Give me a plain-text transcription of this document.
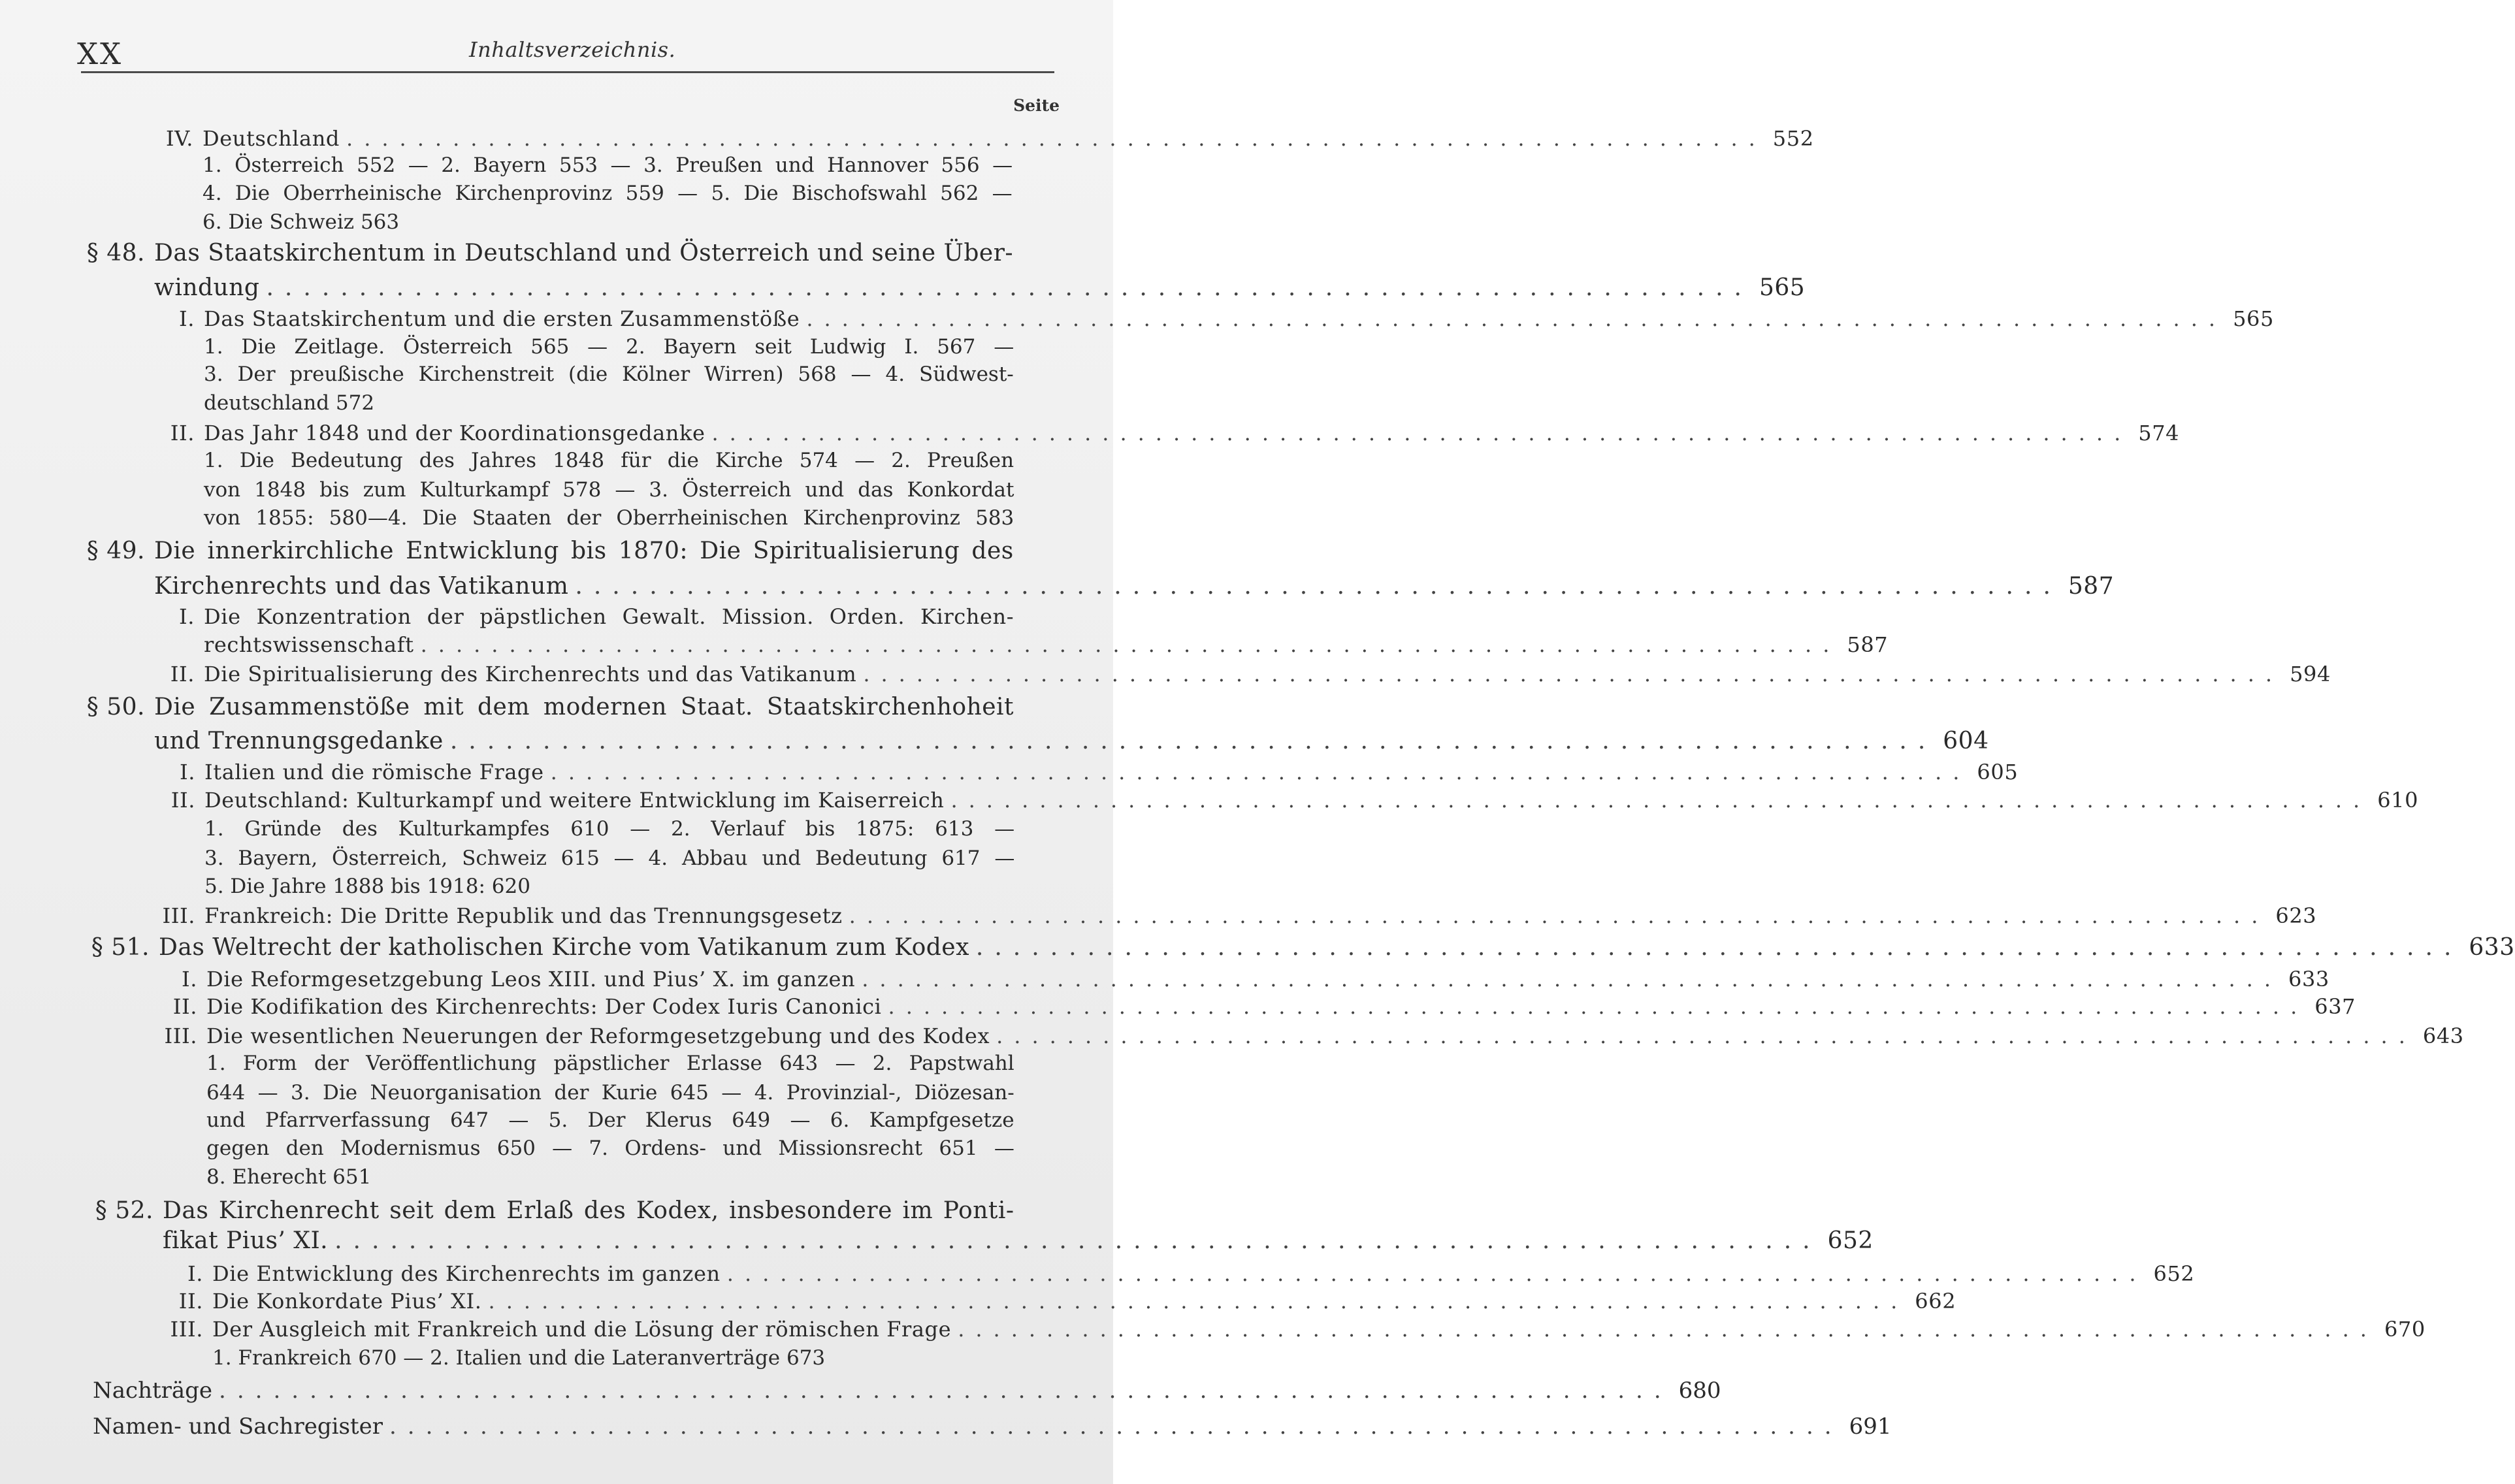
XX	Inhaltsverzeichnis.
Seite
IV. Deutschland ................................................................................ 552
1. Österreich 552 — 2. Bayern 553 — 3. Preußen und Hannover 556 —
4. Die Oberrheinische Kirchenprovinz 559 — 5. Die Bischofswahl 562 —
6. Die Schweiz 563
§ 48. Das Staatskirchentum in Deutschland und Österreich und seine Über-
windung ................................................................................ 565
I. Das Staatskirchentum und die ersten Zusammenstöße ................................................................................ 565
1. Die Zeitlage. Österreich 565 — 2. Bayern seit Ludwig I. 567 —
3. Der preußische Kirchenstreit (die Kölner Wirren) 568 — 4. Südwest-
deutschland 572
II. Das Jahr 1848 und der Koordinationsgedanke ................................................................................ 574
1. Die Bedeutung des Jahres 1848 für die Kirche 574 — 2. Preußen
von 1848 bis zum Kulturkampf 578 — 3. Österreich und das Konkordat
von 1855: 580—4. Die Staaten der Oberrheinischen Kirchenprovinz 583
§ 49. Die innerkirchliche Entwicklung bis 1870: Die Spiritualisierung des
Kirchenrechts und das Vatikanum ................................................................................ 587
I. Die Konzentration der päpstlichen Gewalt. Mission. Orden. Kirchen-
rechtswissenschaft ................................................................................ 587
II. Die Spiritualisierung des Kirchenrechts und das Vatikanum ................................................................................ 594
§ 50. Die Zusammenstöße mit dem modernen Staat. Staatskirchenhoheit
und Trennungsgedanke ................................................................................ 604
I. Italien und die römische Frage ................................................................................ 605
II. Deutschland: Kulturkampf und weitere Entwicklung im Kaiserreich ................................................................................ 610
1. Gründe des Kulturkampfes 610 — 2. Verlauf bis 1875: 613 —
3. Bayern, Österreich, Schweiz 615 — 4. Abbau und Bedeutung 617 —
5. Die Jahre 1888 bis 1918: 620
III. Frankreich: Die Dritte Republik und das Trennungsgesetz ................................................................................ 623
§ 51. Das Weltrecht der katholischen Kirche vom Vatikanum zum Kodex ................................................................................ 633
I. Die Reformgesetzgebung Leos XIII. und Pius’ X. im ganzen ................................................................................ 633
II. Die Kodifikation des Kirchenrechts: Der Codex Iuris Canonici ................................................................................ 637
III. Die wesentlichen Neuerungen der Reformgesetzgebung und des Kodex ................................................................................ 643
1. Form der Veröffentlichung päpstlicher Erlasse 643 — 2. Papstwahl
644 — 3. Die Neuorganisation der Kurie 645 — 4. Provinzial-, Diözesan-
und Pfarrverfassung 647 — 5. Der Klerus 649 — 6. Kampfgesetze
gegen den Modernismus 650 — 7. Ordens- und Missionsrecht 651 —
8. Eherecht 651
§ 52. Das Kirchenrecht seit dem Erlaß des Kodex, insbesondere im Ponti-
fikat Pius’ XI. ................................................................................ 652
I. Die Entwicklung des Kirchenrechts im ganzen ................................................................................ 652
II. Die Konkordate Pius’ XI. ................................................................................ 662
III. Der Ausgleich mit Frankreich und die Lösung der römischen Frage ................................................................................ 670
1. Frankreich 670 — 2. Italien und die Lateranverträge 673
Nachträge ................................................................................ 680
Namen- und Sachregister ................................................................................ 691
